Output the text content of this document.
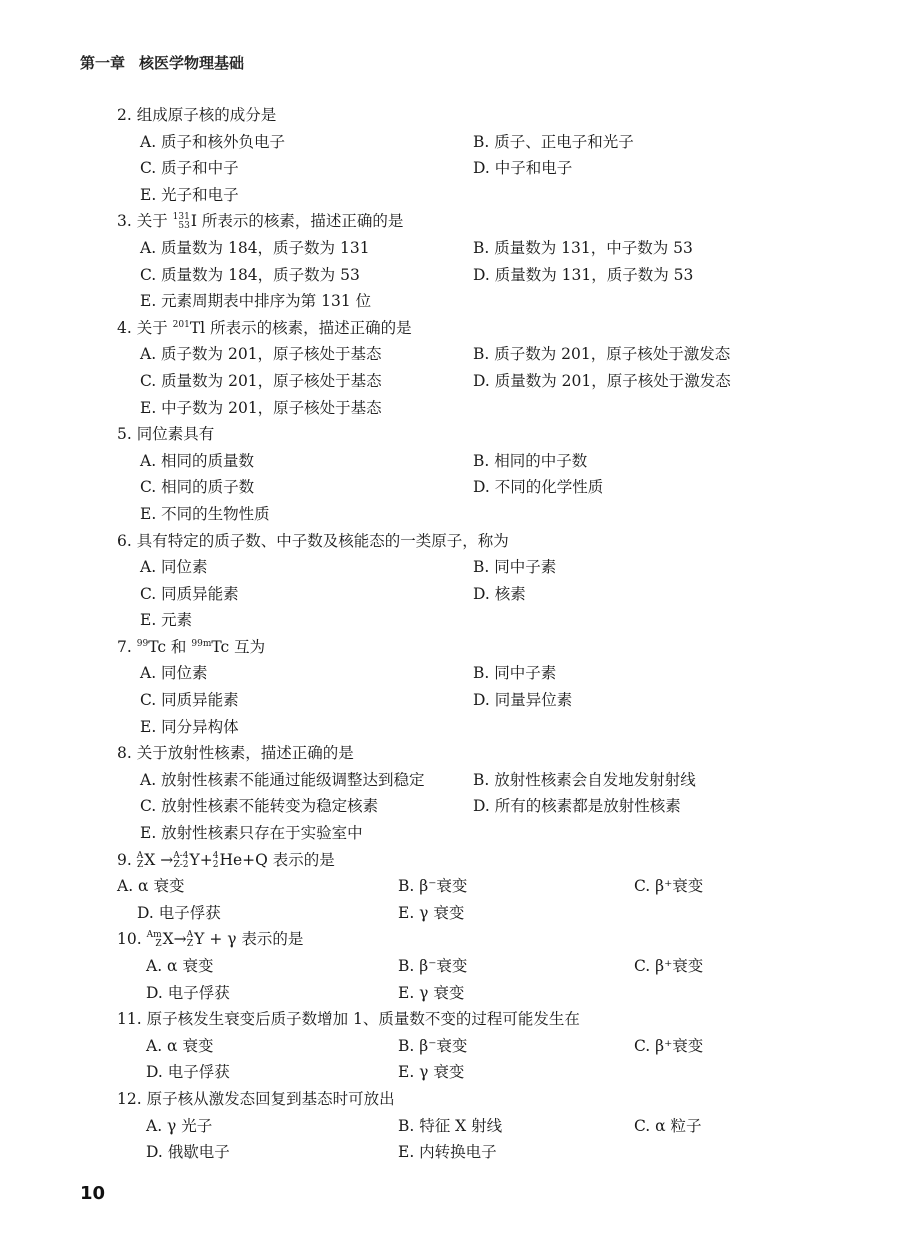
第一章 核医学物理基础
2. 组成原子核的成分是
A. 质子和核外负电子	B. 质子、正电子和光子
C. 质子和中子	D. 中子和电子
E. 光子和电子
3. 关于 131
53 I 所表示的核素，描述正确的是
A. 质量数为 184，质子数为 131	B. 质量数为 131，中子数为 53
C. 质量数为 184，质子数为 53	D. 质量数为 131，质子数为 53
E. 元素周期表中排序为第 131 位
4. 关于 $^{201}$Tl 所表示的核素，描述正确的是
A. 质子数为 201，原子核处于基态	B. 质子数为 201，原子核处于激发态
C. 质量数为 201，原子核处于基态	D. 质量数为 201，原子核处于激发态
E. 中子数为 201，原子核处于基态
5. 同位素具有
A. 相同的质量数	B. 相同的中子数
C. 相同的质子数	D. 不同的化学性质
E. 不同的生物性质
6. 具有特定的质子数、中子数及核能态的一类原子，称为
A. 同位素	B. 同中子素
C. 同质异能素	D. 核素
E. 元素
7. $^{99}$Tc 和 $^{99m}$Tc 互为
A. 同位素	B. 同中子素
C. 同质异能素	D. 同量异位素
E. 同分异构体
8. 关于放射性核素，描述正确的是
A. 放射性核素不能通过能级调整达到稳定	B. 放射性核素会自发地发射射线
C. 放射性核素不能转变为稳定核素	D. 所有的核素都是放射性核素
E. 放射性核素只存在于实验室中
9. A
Z X → A-4
Z-2 Y+ 4
2 He+Q 表示的是
A. α 衰变	B. β⁻衰变	C. β⁺衰变
D. 电子俘获	E. γ 衰变
10. Am
Z X→ A
Z Y + γ 表示的是
A. α 衰变	B. β⁻衰变	C. β⁺衰变
D. 电子俘获	E. γ 衰变
11. 原子核发生衰变后质子数增加 1、质量数不变的过程可能发生在
A. α 衰变	B. β⁻衰变	C. β⁺衰变
D. 电子俘获	E. γ 衰变
12. 原子核从激发态回复到基态时可放出
A. γ 光子	B. 特征 X 射线	C. α 粒子
D. 俄歇电子	E. 内转换电子
10
